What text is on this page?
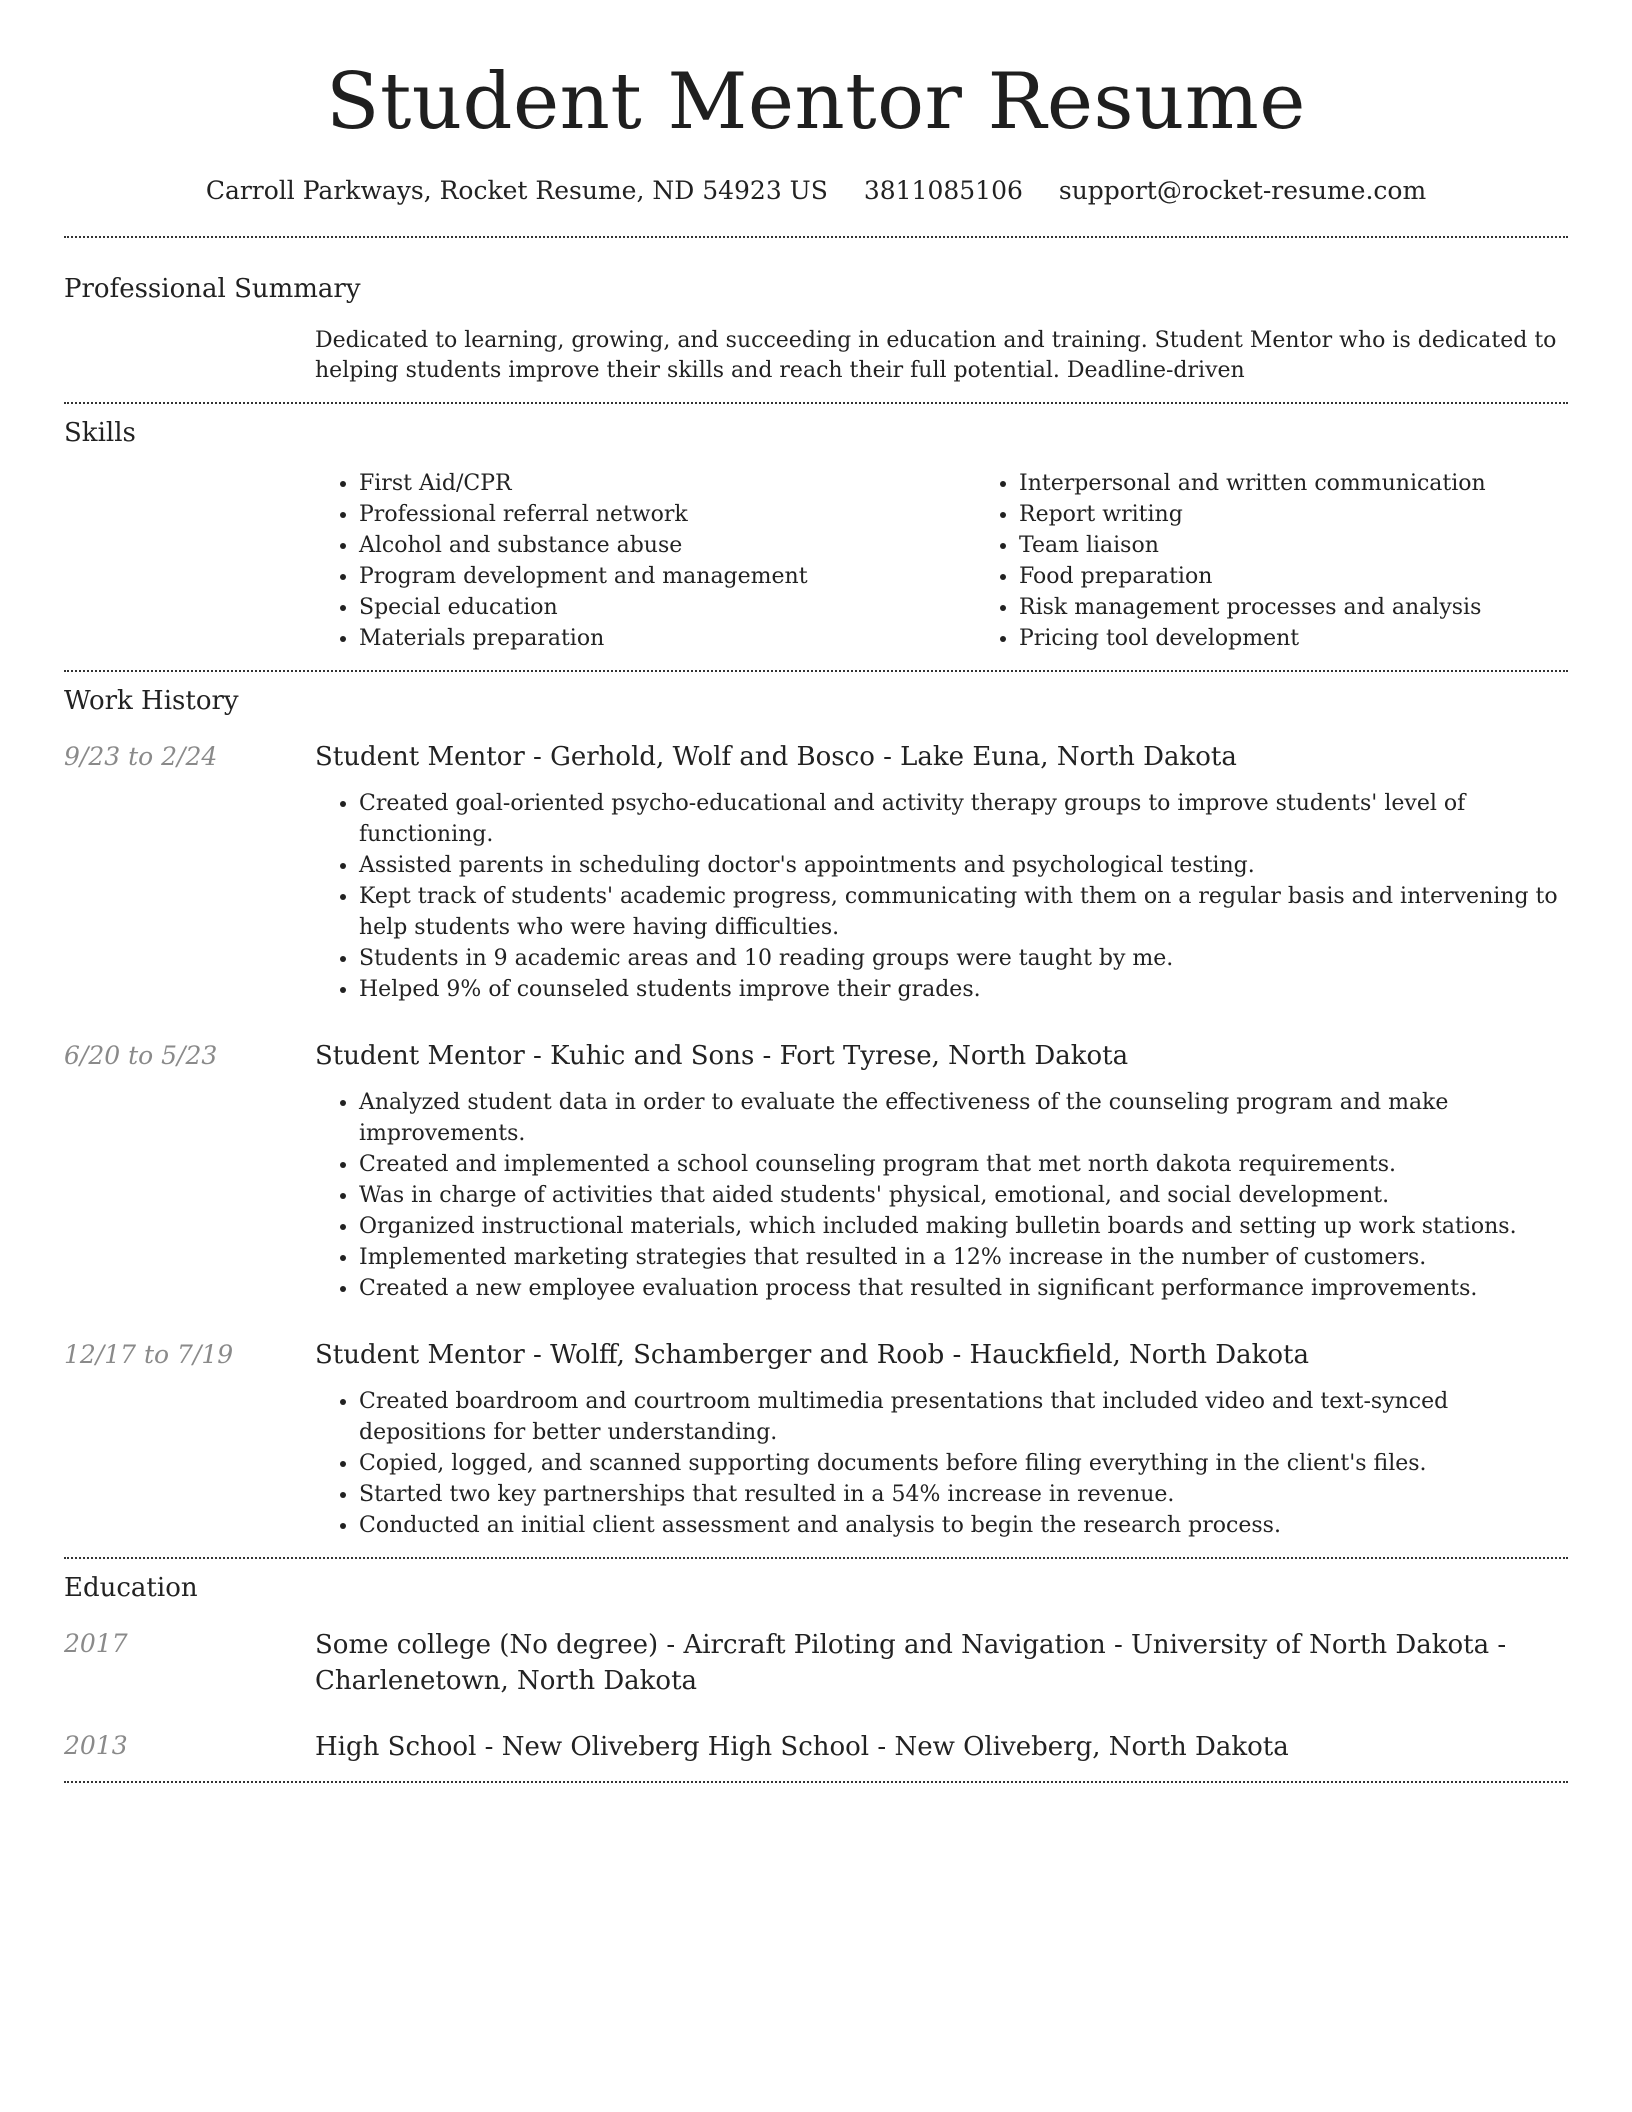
Student Mentor Resume
Carroll Parkways, Rocket Resume, ND 54923 US 3811085106 support@rocket-resume.com
Professional Summary

Dedicated to learning, growing, and succeeding in education and training. Student Mentor who is dedicated to helping students improve their skills and reach their full potential. Deadline-driven

Skills
• First Aid/CPR
• Professional referral network
• Alcohol and substance abuse
• Program development and management
• Special education
• Materials preparation
• Interpersonal and written communication
• Report writing
• Team liaison
• Food preparation
• Risk management processes and analysis
• Pricing tool development
Work History
9/23 to 2/24	Student Mentor - Gerhold, Wolf and Bosco - Lake Euna, North Dakota
• Created goal-oriented psycho-educational and activity therapy groups to improve students' level of functioning.
• Assisted parents in scheduling doctor's appointments and psychological testing.
• Kept track of students' academic progress, communicating with them on a regular basis and intervening to help students who were having difficulties.
• Students in 9 academic areas and 10 reading groups were taught by me.
• Helped 9% of counseled students improve their grades.
6/20 to 5/23	Student Mentor - Kuhic and Sons - Fort Tyrese, North Dakota
• Analyzed student data in order to evaluate the effectiveness of the counseling program and make improvements.
• Created and implemented a school counseling program that met north dakota requirements.
• Was in charge of activities that aided students' physical, emotional, and social development.
• Organized instructional materials, which included making bulletin boards and setting up work stations.
• Implemented marketing strategies that resulted in a 12% increase in the number of customers.
• Created a new employee evaluation process that resulted in significant performance improvements.
12/17 to 7/19	Student Mentor - Wolff, Schamberger and Roob - Hauckfield, North Dakota
• Created boardroom and courtroom multimedia presentations that included video and text-synced depositions for better understanding.
• Copied, logged, and scanned supporting documents before filing everything in the client's files.
• Started two key partnerships that resulted in a 54% increase in revenue.
• Conducted an initial client assessment and analysis to begin the research process.
Education
2017	Some college (No degree) - Aircraft Piloting and Navigation - University of North Dakota - Charlenetown, North Dakota
2013	High School - New Oliveberg High School - New Oliveberg, North Dakota
